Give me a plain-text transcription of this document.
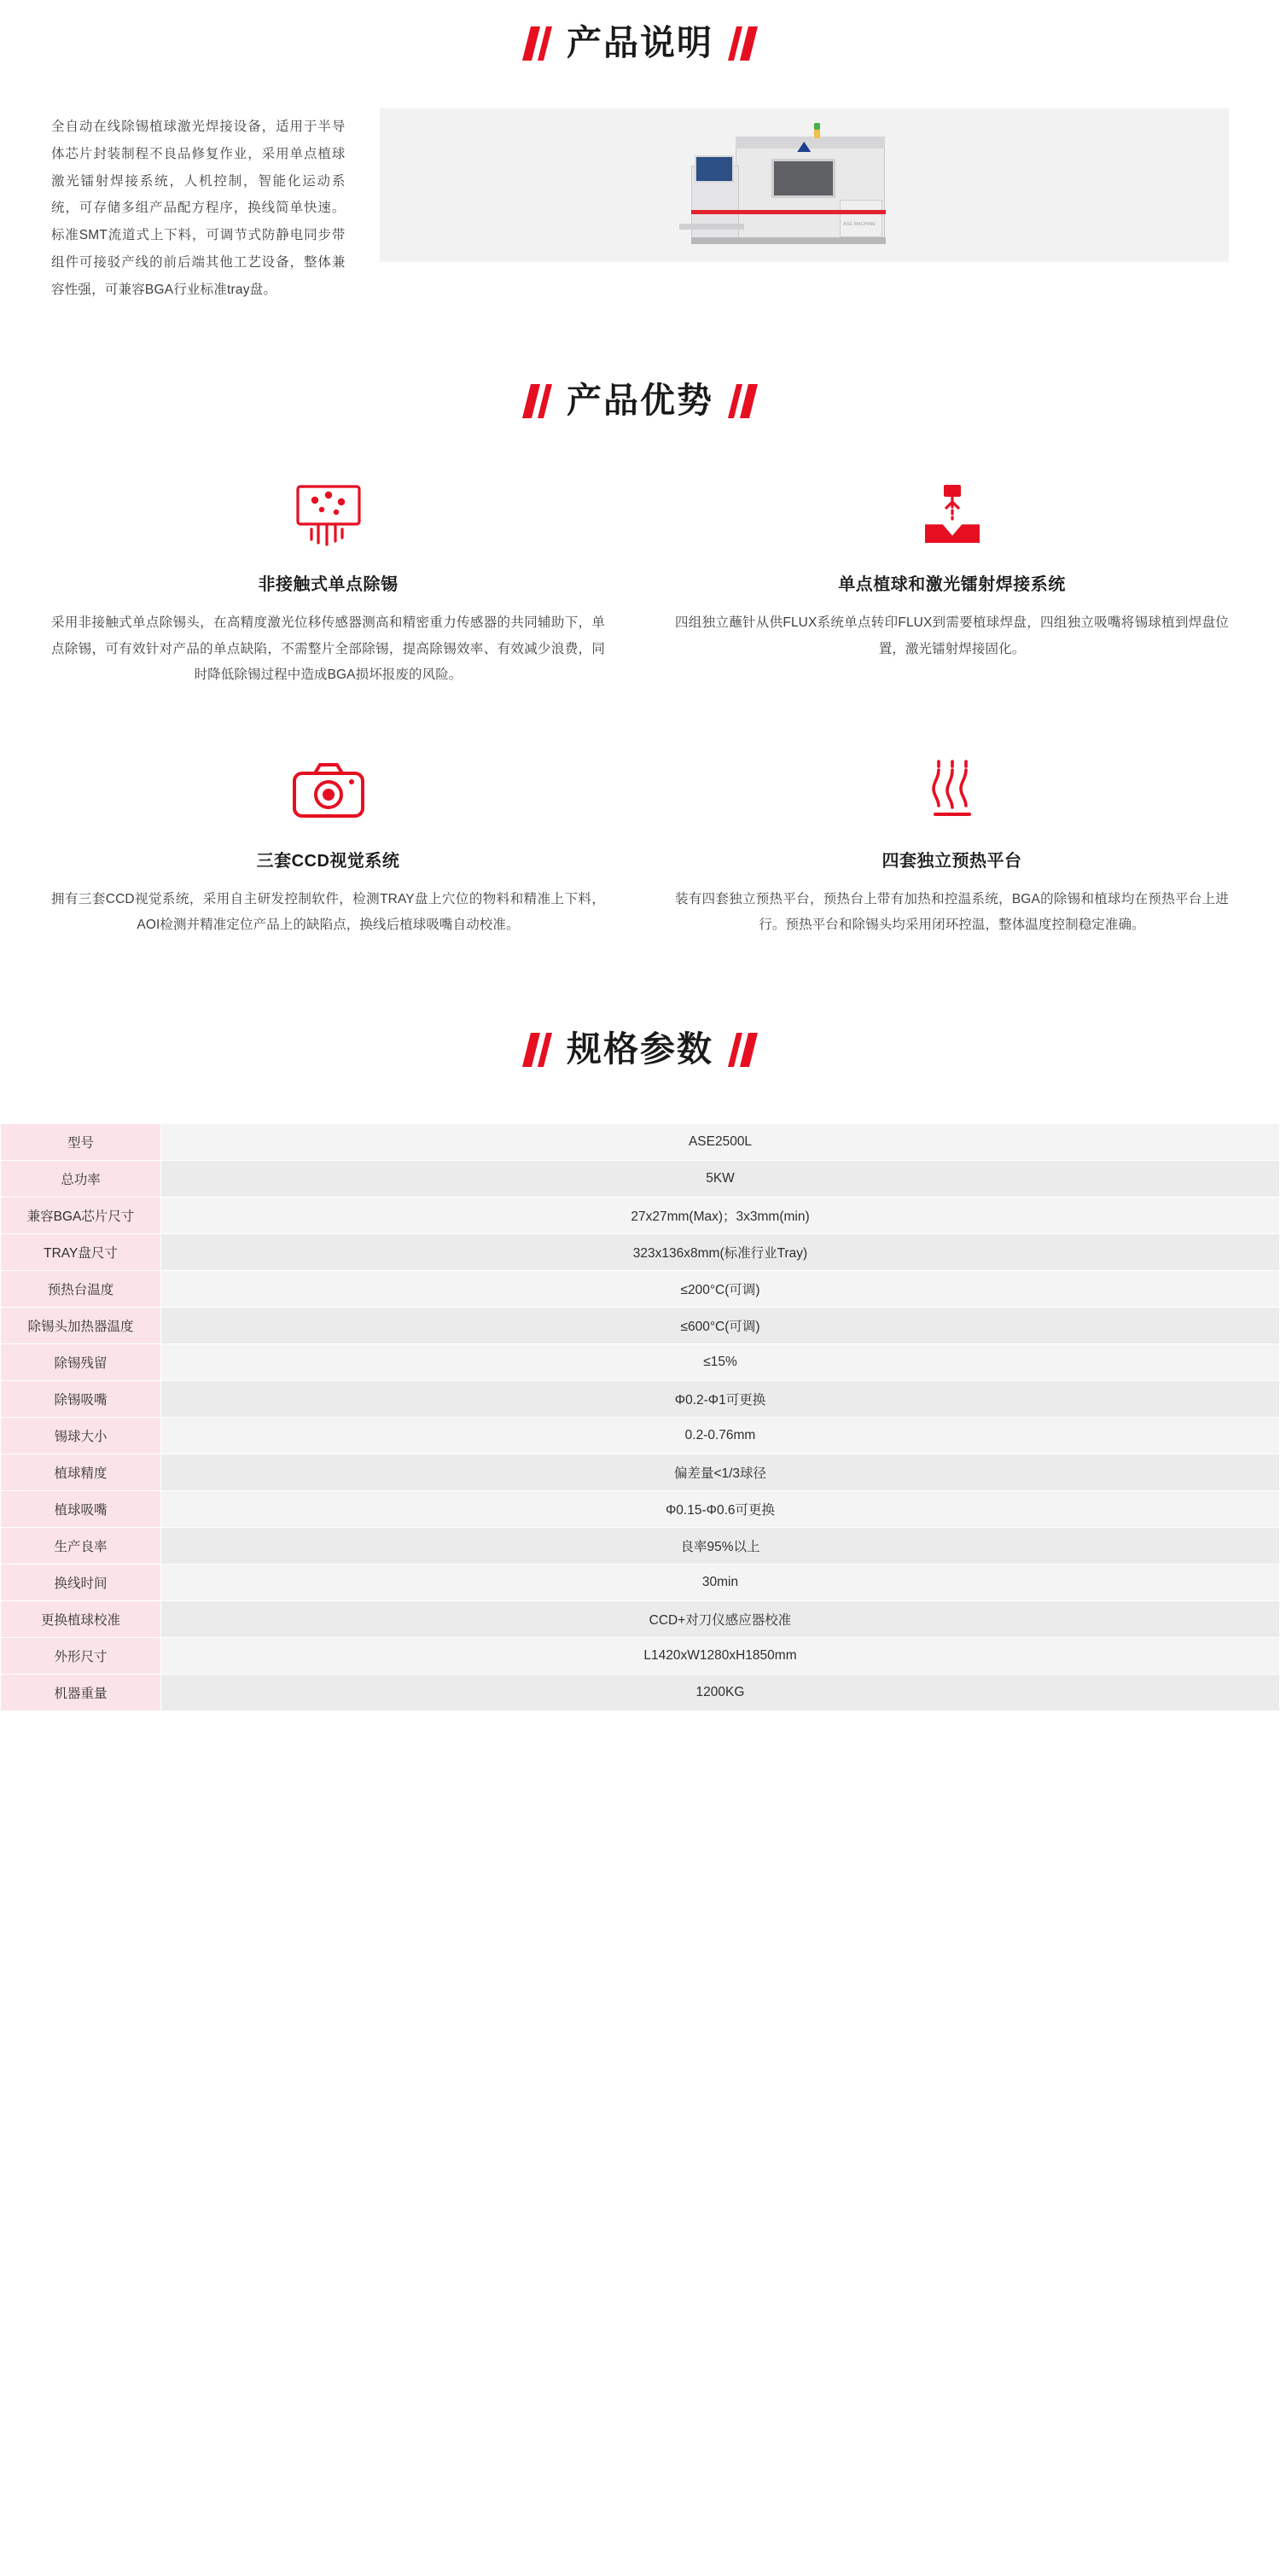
产品说明
全自动在线除锡植球激光焊接设备，适用于半导体芯片封装制程不良品修复作业，采用单点植球激光镭射焊接系统，人机控制，智能化运动系统，可存储多组产品配方程序，换线简单快速。标准SMT流道式上下料，可调节式防静电同步带组件可接驳产线的前后端其他工艺设备，整体兼容性强，可兼容BGA行业标准tray盘。
ASE MACHINE
产品优势
非接触式单点除锡
采用非接触式单点除锡头，在高精度激光位移传感器测高和精密重力传感器的共同辅助下，单点除锡，可有效针对产品的单点缺陷，不需整片全部除锡，提高除锡效率、有效减少浪费，同时降低除锡过程中造成BGA损坏报废的风险。
单点植球和激光镭射焊接系统
四组独立蘸针从供FLUX系统单点转印FLUX到需要植球焊盘，四组独立吸嘴将锡球植到焊盘位置，激光镭射焊接固化。
三套CCD视觉系统
拥有三套CCD视觉系统，采用自主研发控制软件，检测TRAY盘上穴位的物料和精准上下料，AOI检测并精准定位产品上的缺陷点，换线后植球吸嘴自动校准。
四套独立预热平台
装有四套独立预热平台，预热台上带有加热和控温系统，BGA的除锡和植球均在预热平台上进行。预热平台和除锡头均采用闭环控温，整体温度控制稳定准确。
规格参数
型号	ASE2500L
总功率	5KW
兼容BGA芯片尺寸	27x27mm(Max)；3x3mm(min)
TRAY盘尺寸	323x136x8mm(标准行业Tray)
预热台温度	≤200°C(可调)
除锡头加热器温度	≤600°C(可调)
除锡残留	≤15%
除锡吸嘴	Φ0.2-Φ1可更换
锡球大小	0.2-0.76mm
植球精度	偏差量<1/3球径
植球吸嘴	Φ0.15-Φ0.6可更换
生产良率	良率95%以上
换线时间	30min
更换植球校准	CCD+对刀仪感应器校准
外形尺寸	L1420xW1280xH1850mm
机器重量	1200KG
